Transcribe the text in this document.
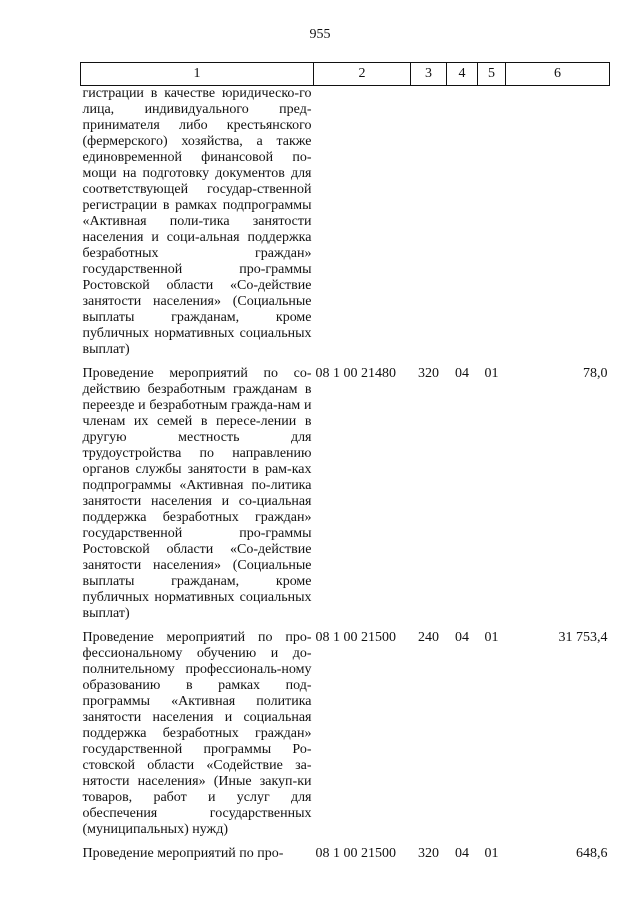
955
1	2	3	4	5	6
гистрации в качестве юридическо-го лица, индивидуального пред-принимателя либо крестьянского (фермерского) хозяйства, а также единовременной финансовой по-мощи на подготовку документов для соответствующей государ-ственной регистрации в рамках подпрограммы «Активная поли-тика занятости населения и соци-альная поддержка безработных граждан» государственной про-граммы Ростовской области «Со-действие занятости населения» (Социальные выплаты гражданам, кроме публичных нормативных социальных выплат)					
Проведение мероприятий по со-действию безработным гражданам в переезде и безработным гражда-нам и членам их семей в пересе-лении в другую местность для трудоустройства по направлению органов службы занятости в рам-ках подпрограммы «Активная по-литика занятости населения и со-циальная поддержка безработных граждан» государственной про-граммы Ростовской области «Со-действие занятости населения» (Социальные выплаты гражданам, кроме публичных нормативных социальных выплат)	08 1 00 21480	320	04	01	78,0
Проведение мероприятий по про-фессиональному обучению и до-полнительному профессиональ-ному образованию в рамках под-программы «Активная политика занятости населения и социальная поддержка безработных граждан» государственной программы Ро-стовской области «Содействие за-нятости населения» (Иные закуп-ки товаров, работ и услуг для обеспечения государственных (муниципальных) нужд)	08 1 00 21500	240	04	01	31 753,4
Проведение мероприятий по про-	08 1 00 21500	320	04	01	648,6
